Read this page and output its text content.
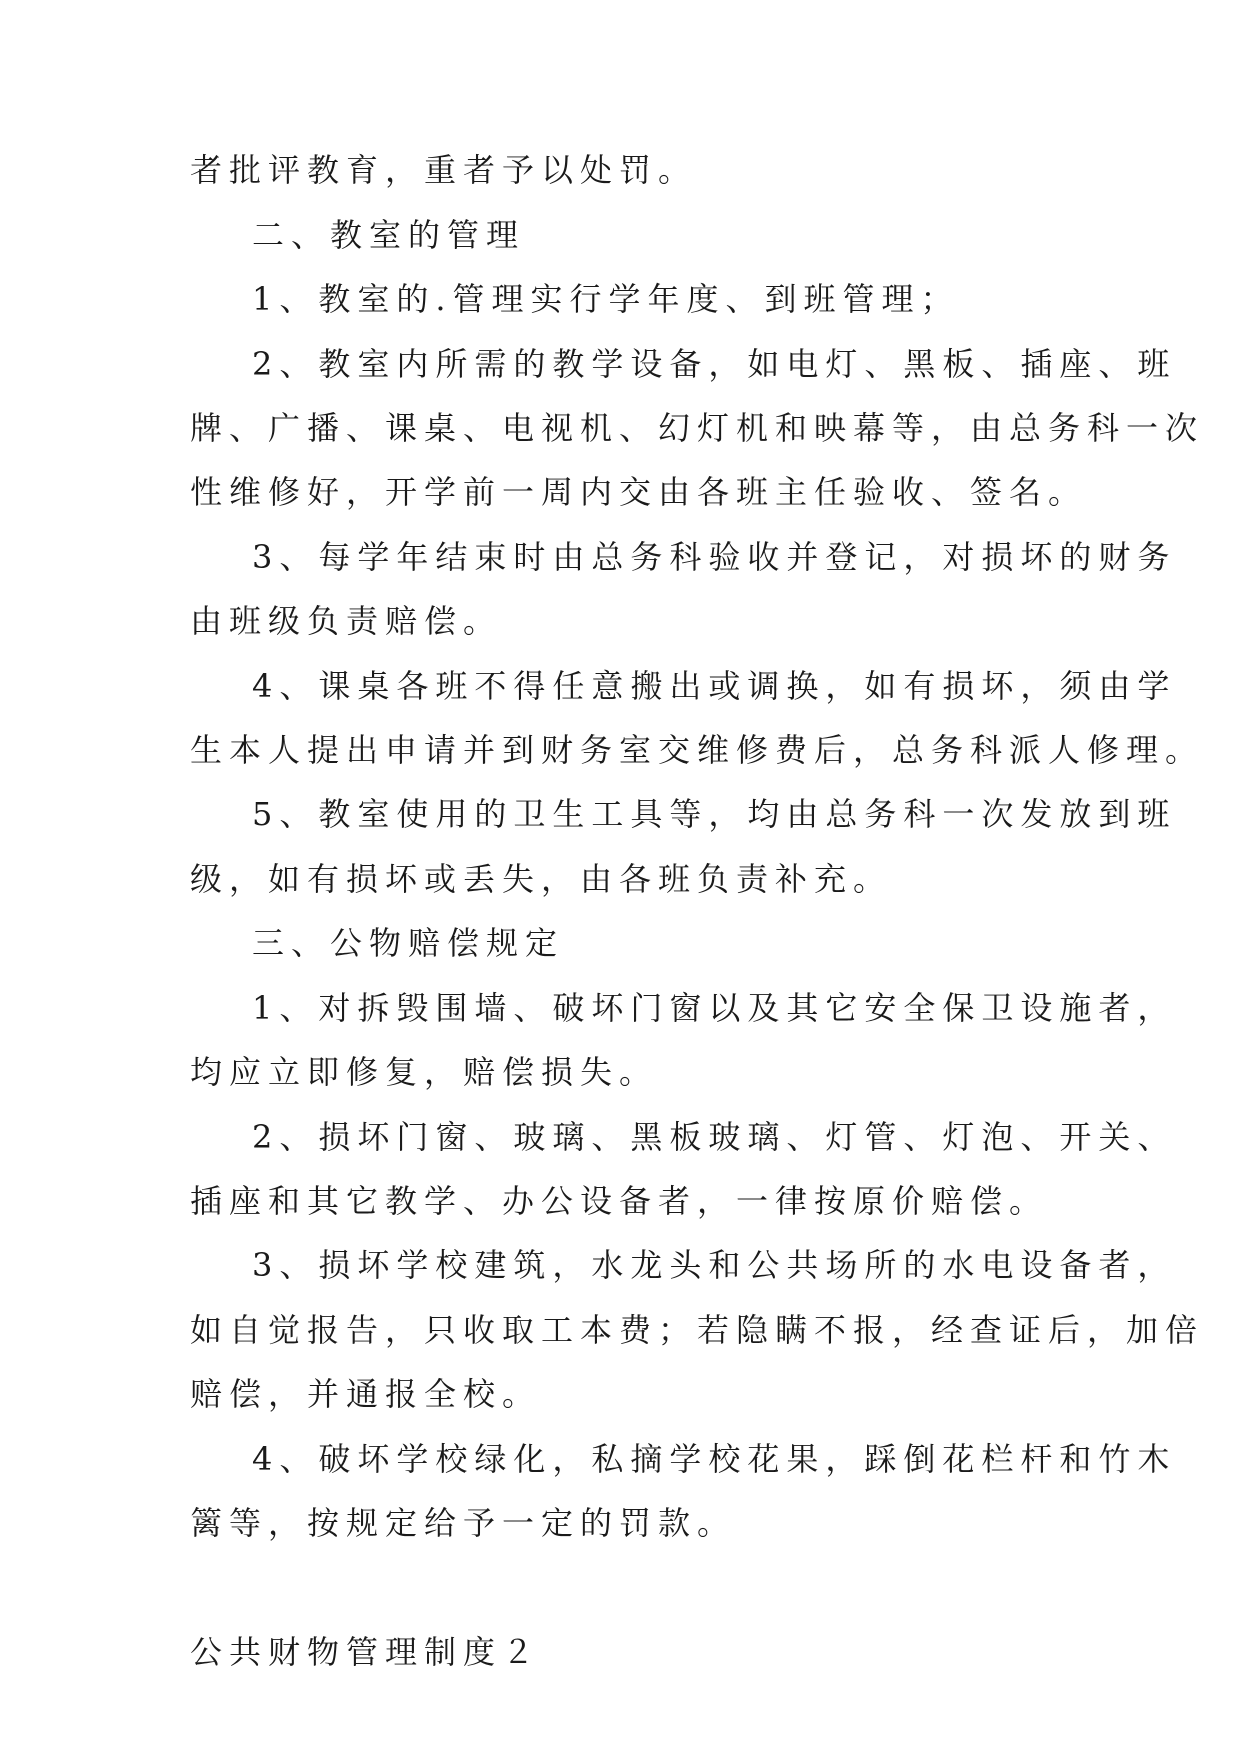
者批评教育，重者予以处罚。
二、教室的管理
1、教室的.管理实行学年度、到班管理；
2、教室内所需的教学设备，如电灯、黑板、插座、班
牌、广播、课桌、电视机、幻灯机和映幕等，由总务科一次
性维修好，开学前一周内交由各班主任验收、签名。
3、每学年结束时由总务科验收并登记，对损坏的财务
由班级负责赔偿。
4、课桌各班不得任意搬出或调换，如有损坏，须由学
生本人提出申请并到财务室交维修费后，总务科派人修理。
5、教室使用的卫生工具等，均由总务科一次发放到班
级，如有损坏或丢失，由各班负责补充。
三、公物赔偿规定
1、对拆毁围墙、破坏门窗以及其它安全保卫设施者，
均应立即修复，赔偿损失。
2、损坏门窗、玻璃、黑板玻璃、灯管、灯泡、开关、
插座和其它教学、办公设备者，一律按原价赔偿。
3、损坏学校建筑，水龙头和公共场所的水电设备者，
如自觉报告，只收取工本费；若隐瞒不报，经查证后，加倍
赔偿，并通报全校。
4、破坏学校绿化，私摘学校花果，踩倒花栏杆和竹木
篱等，按规定给予一定的罚款。
公共财物管理制度２
